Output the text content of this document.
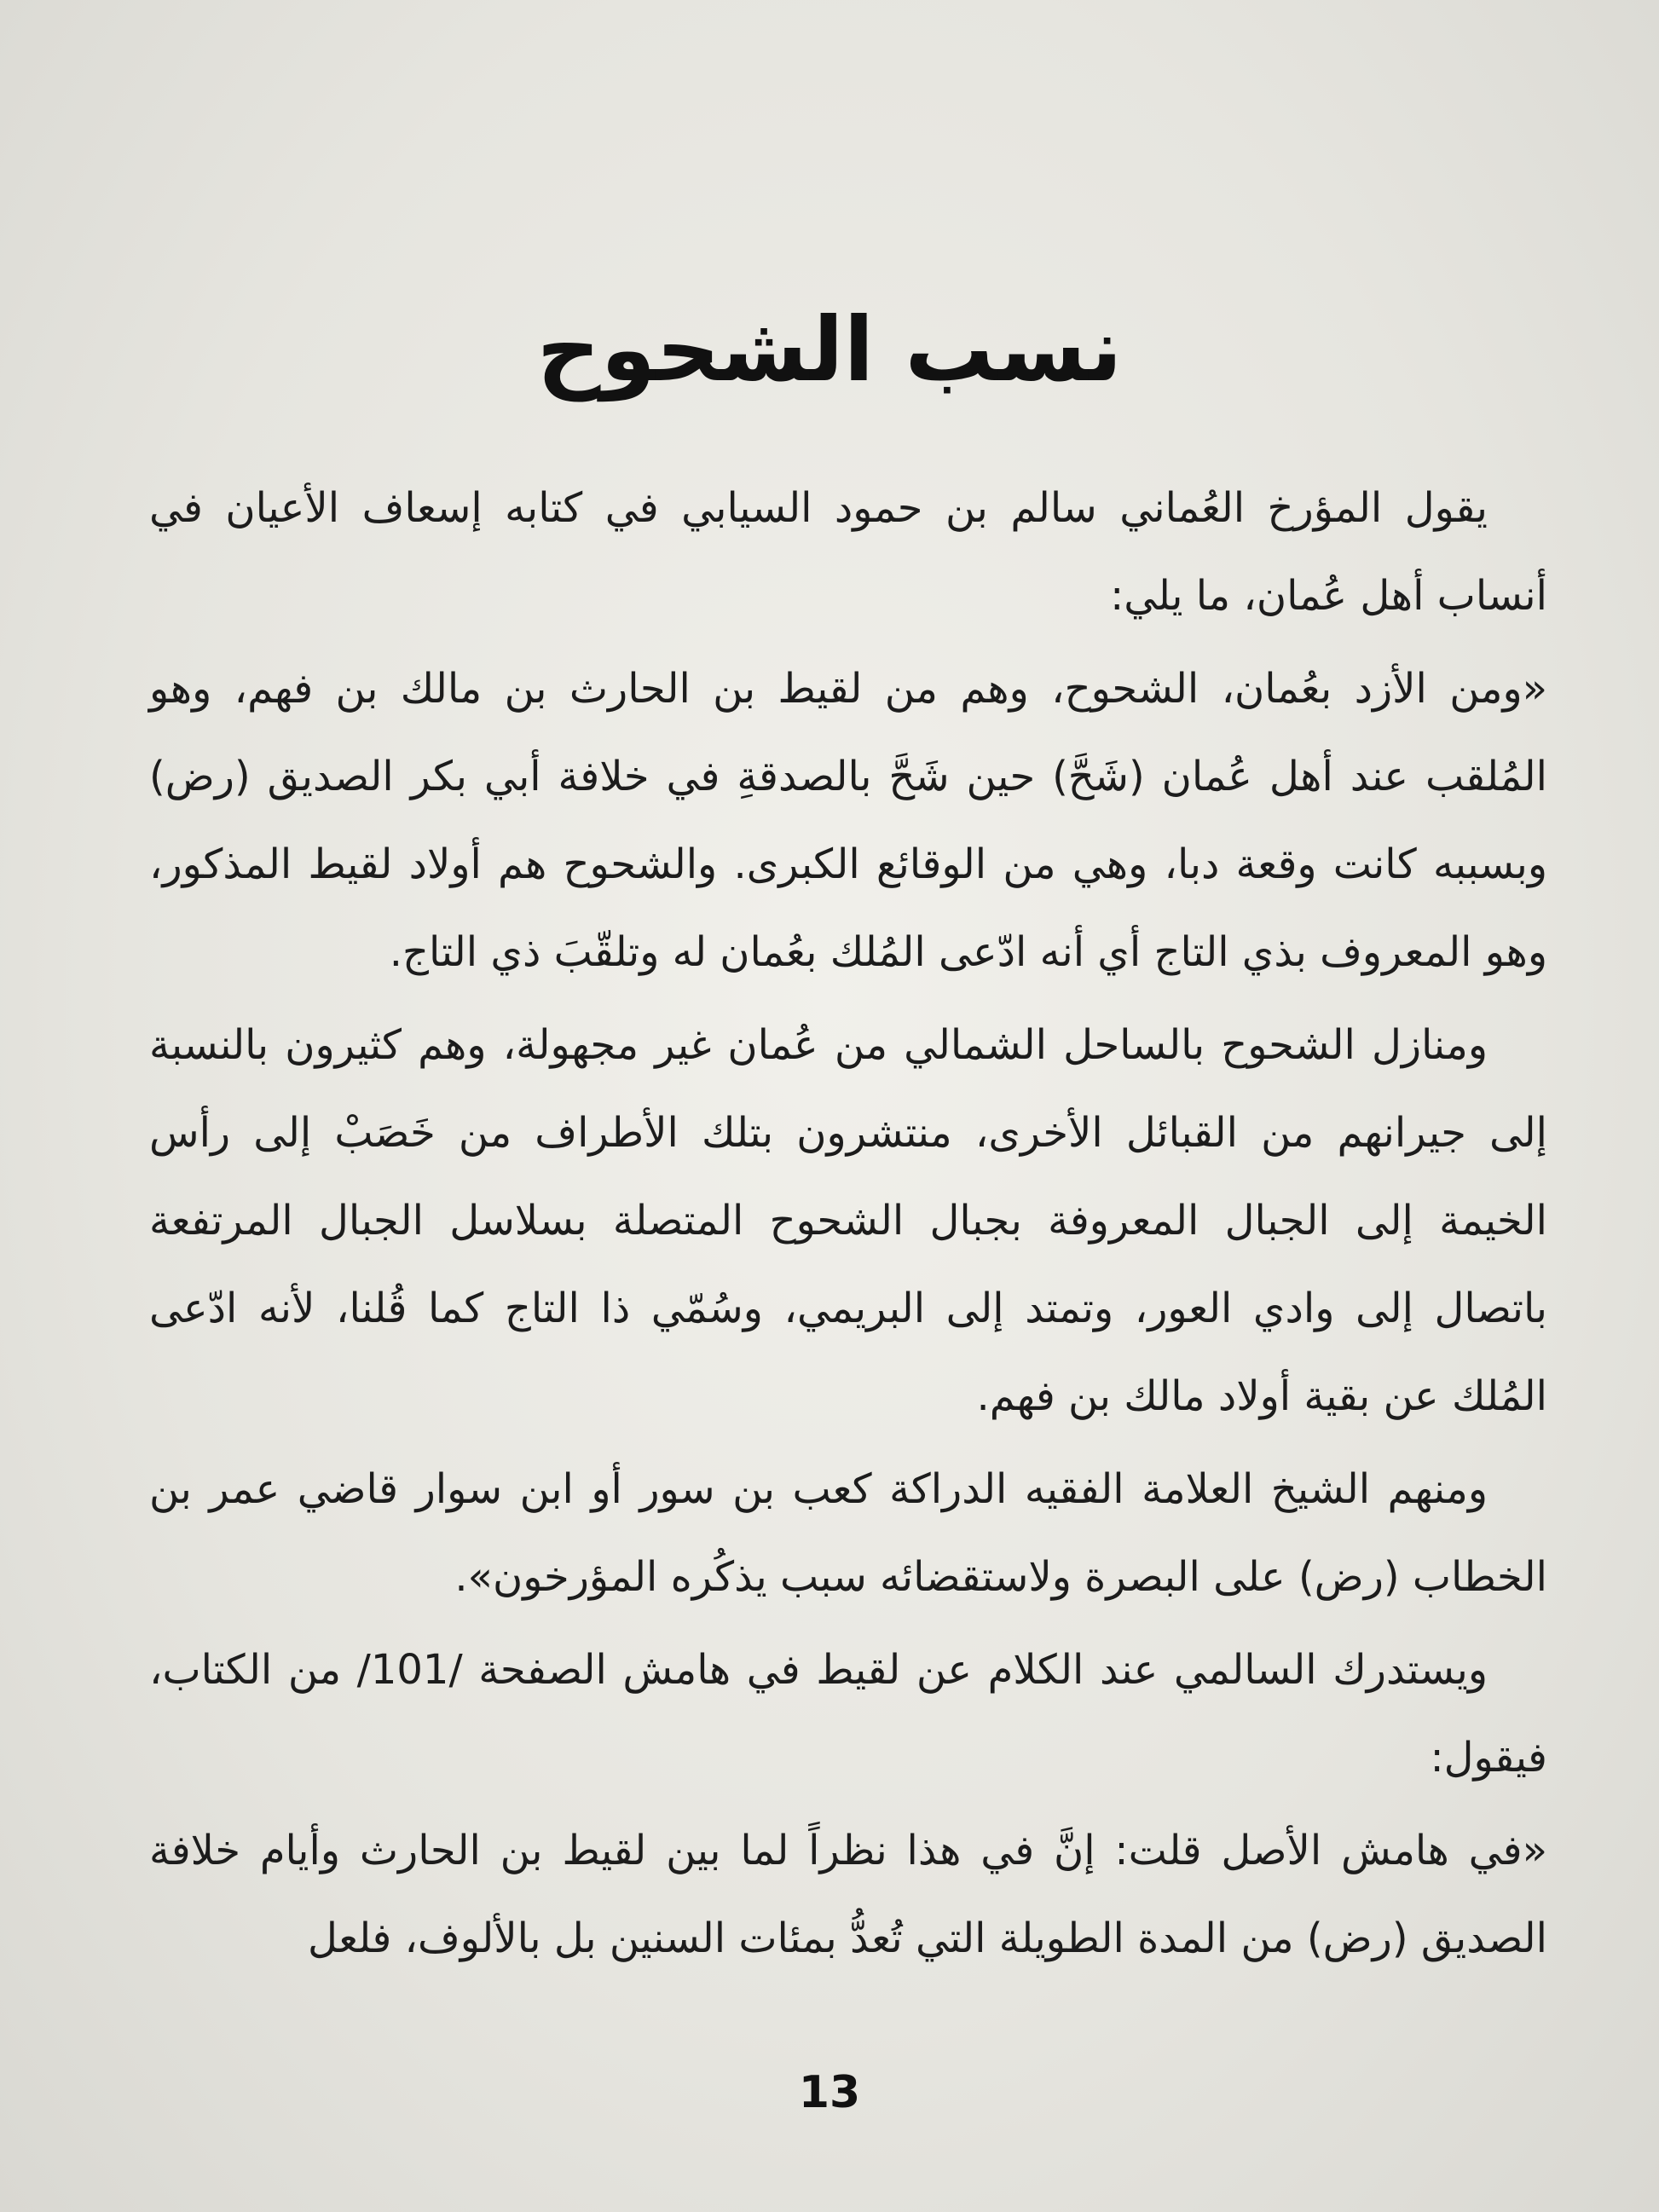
نسب الشحوح

يقول المؤرخ العُماني سالم بن حمود السيابي في كتابه إسعاف الأعيان في أنساب أهل عُمان، ما يلي:

«ومن الأزد بعُمان، الشحوح، وهم من لقيط بن الحارث بن مالك بن فهم، وهو المُلقب عند أهل عُمان (شَحَّ) حين شَحَّ بالصدقةِ في خلافة أبي بكر الصديق (رض) وبسببه كانت وقعة دبا، وهي من الوقائع الكبرى. والشحوح هم أولاد لقيط المذكور، وهو المعروف بذي التاج أي أنه ادّعى المُلك بعُمان له وتلقّبَ ذي التاج.

ومنازل الشحوح بالساحل الشمالي من عُمان غير مجهولة، وهم كثيرون بالنسبة إلى جيرانهم من القبائل الأخرى، منتشرون بتلك الأطراف من خَصَبْ إلى رأس الخيمة إلى الجبال المعروفة بجبال الشحوح المتصلة بسلاسل الجبال المرتفعة باتصال إلى وادي العور، وتمتد إلى البريمي، وسُمّي ذا التاج كما قُلنا، لأنه ادّعى المُلك عن بقية أولاد مالك بن فهم.

ومنهم الشيخ العلامة الفقيه الدراكة كعب بن سور أو ابن سوار قاضي عمر بن الخطاب (رض) على البصرة ولاستقضائه سبب يذكُره المؤرخون».

ويستدرك السالمي عند الكلام عن لقيط في هامش الصفحة /101/ من الكتاب، فيقول:

«في هامش الأصل قلت: إنَّ في هذا نظراً لما بين لقيط بن الحارث وأيام خلافة الصديق (رض) من المدة الطويلة التي تُعدُّ بمئات السنين بل بالألوف، فلعل

13
